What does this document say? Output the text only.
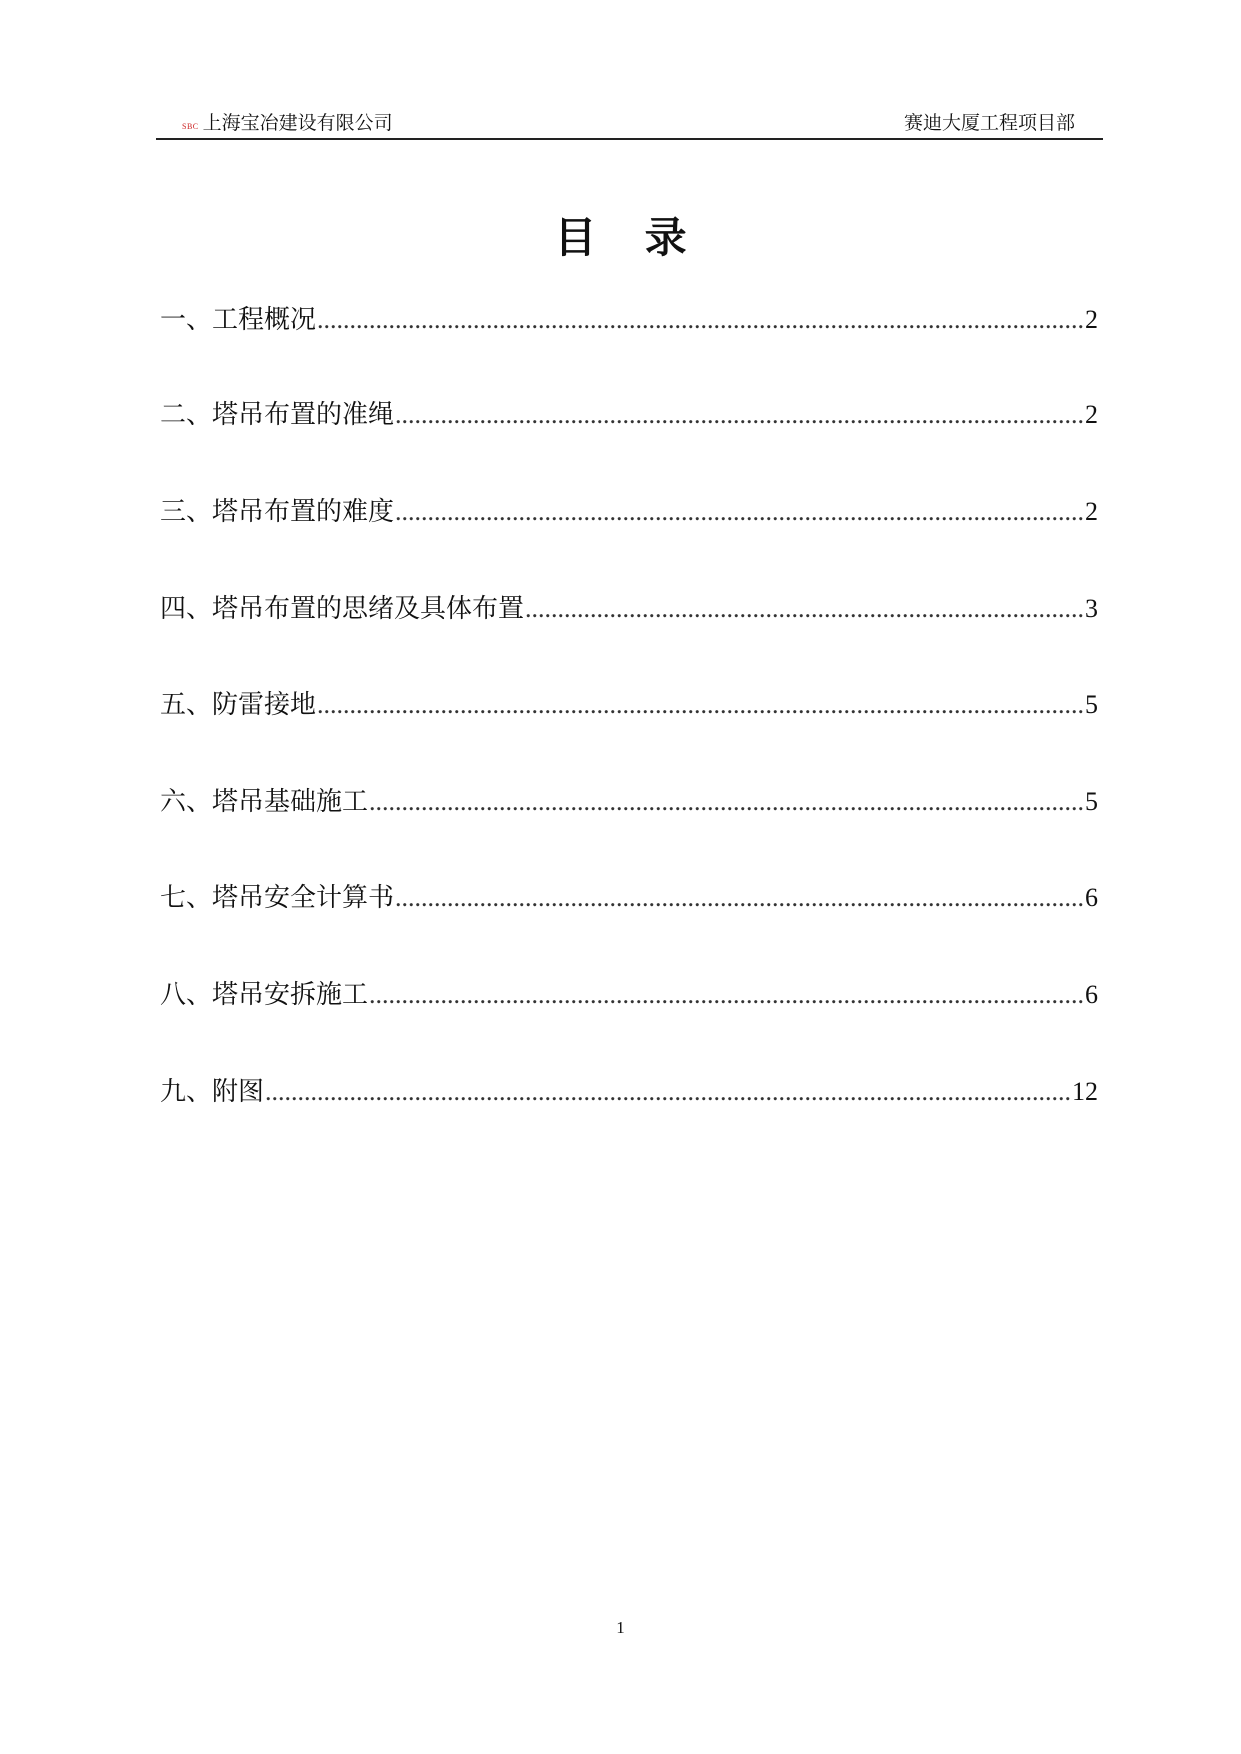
SBC 上海宝冶建设有限公司	赛迪大厦工程项目部
目 录
一、工程概况 .....	2
二、塔吊布置的准绳 .....	2
三、塔吊布置的难度 .....	2
四、塔吊布置的思绪及具体布置 .....	3
五、防雷接地 .....	5
六、塔吊基础施工 .....	5
七、塔吊安全计算书 .....	6
八、塔吊安拆施工 .....	6
九、附图 .....	12
1
